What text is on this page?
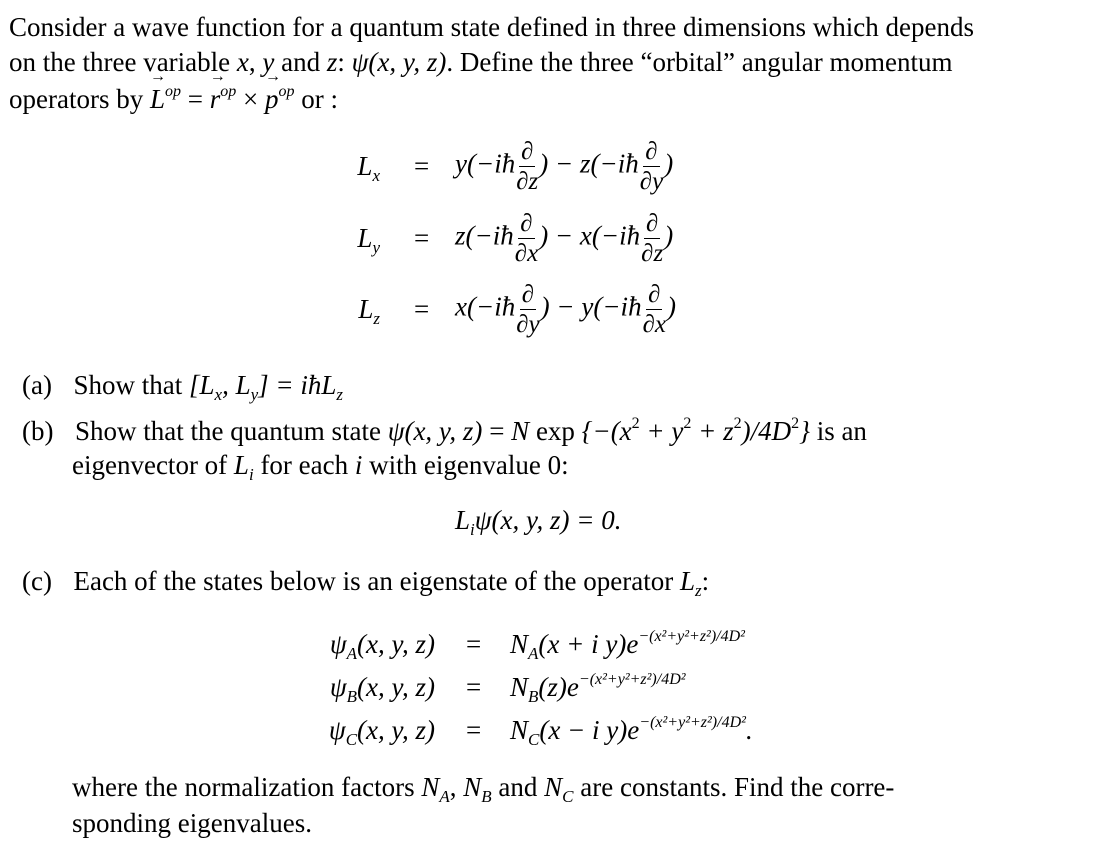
Consider a wave function for a quantum state defined in three dimensions which depends
on the three variable x, y and z: ψ(x, y, z). Define the three “orbital” angular momentum
operators by → $L^{op}$ = → $r^{op}$ × → $p^{op}$ or :
$L_x$ = y(−iħ ∂
∂z
) − z(−iħ ∂
∂y
)
$L_y$ = z(−iħ ∂
∂x
) − x(−iħ ∂
∂z
)
$L_z$ = x(−iħ ∂
∂y
) − y(−iħ ∂
∂x
)
(a) Show that [$L_x$, $L_y$] = iħL$_z$
(b) Show that the quantum state ψ(x, y, z) = N $\exp \{-(x^2 + y^2 + z^2)/4D^2\}$ is an
eigenvector of $L_i$ for each i with eigenvalue 0:
$L_i\psi(x$, y, z) = 0.
(c) Each of the states below is an eigenstate of the operator $L_z$:
$\psi_A(x$, y, $z) = N_A(x + i$ $y)e^{-(x^2+y^2+z^2)/4D^2}$
$\psi_B(x$, y, $z) = N_B(z)e^{-(x^2+y^2+z^2)/4D^2}$
$\psi_C(x$, y, $z) = N_C(x - i$ $y)e^{-(x^2+y^2+z^2)/4D^2}$.
where the normalization factors $N_A$, $N_B$ and $N_C$ are constants. Find the corre-
sponding eigenvalues.
